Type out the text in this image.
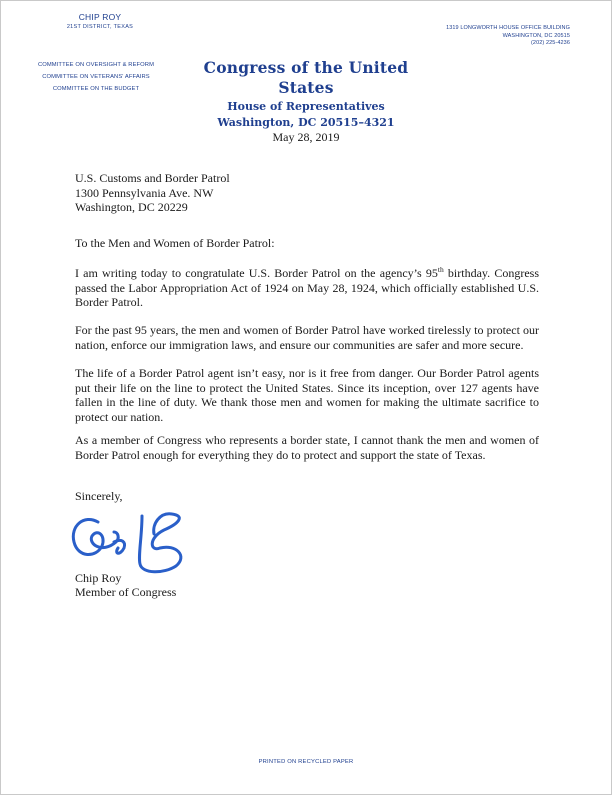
CHIP ROY
21ST DISTRICT, TEXAS
COMMITTEE ON OVERSIGHT & REFORM
COMMITTEE ON VETERANS' AFFAIRS
COMMITTEE ON THE BUDGET
1319 LONGWORTH HOUSE OFFICE BUILDING
WASHINGTON, DC 20515
(202) 225-4236
Congress of the United States
House of Representatives
Washington, DC 20515–4321
May 28, 2019
U.S. Customs and Border Patrol
1300 Pennsylvania Ave. NW
Washington, DC 20229
To the Men and Women of Border Patrol:
I am writing today to congratulate U.S. Border Patrol on the agency’s 95th birthday. Congress passed the Labor Appropriation Act of 1924 on May 28, 1924, which officially established U.S. Border Patrol.
For the past 95 years, the men and women of Border Patrol have worked tirelessly to protect our nation, enforce our immigration laws, and ensure our communities are safer and more secure.
The life of a Border Patrol agent isn’t easy, nor is it free from danger. Our Border Patrol agents put their life on the line to protect the United States. Since its inception, over 127 agents have fallen in the line of duty. We thank those men and women for making the ultimate sacrifice to protect our nation.
As a member of Congress who represents a border state, I cannot thank the men and women of Border Patrol enough for everything they do to protect and support the state of Texas.
Sincerely,
Chip Roy
Member of Congress
PRINTED ON RECYCLED PAPER
